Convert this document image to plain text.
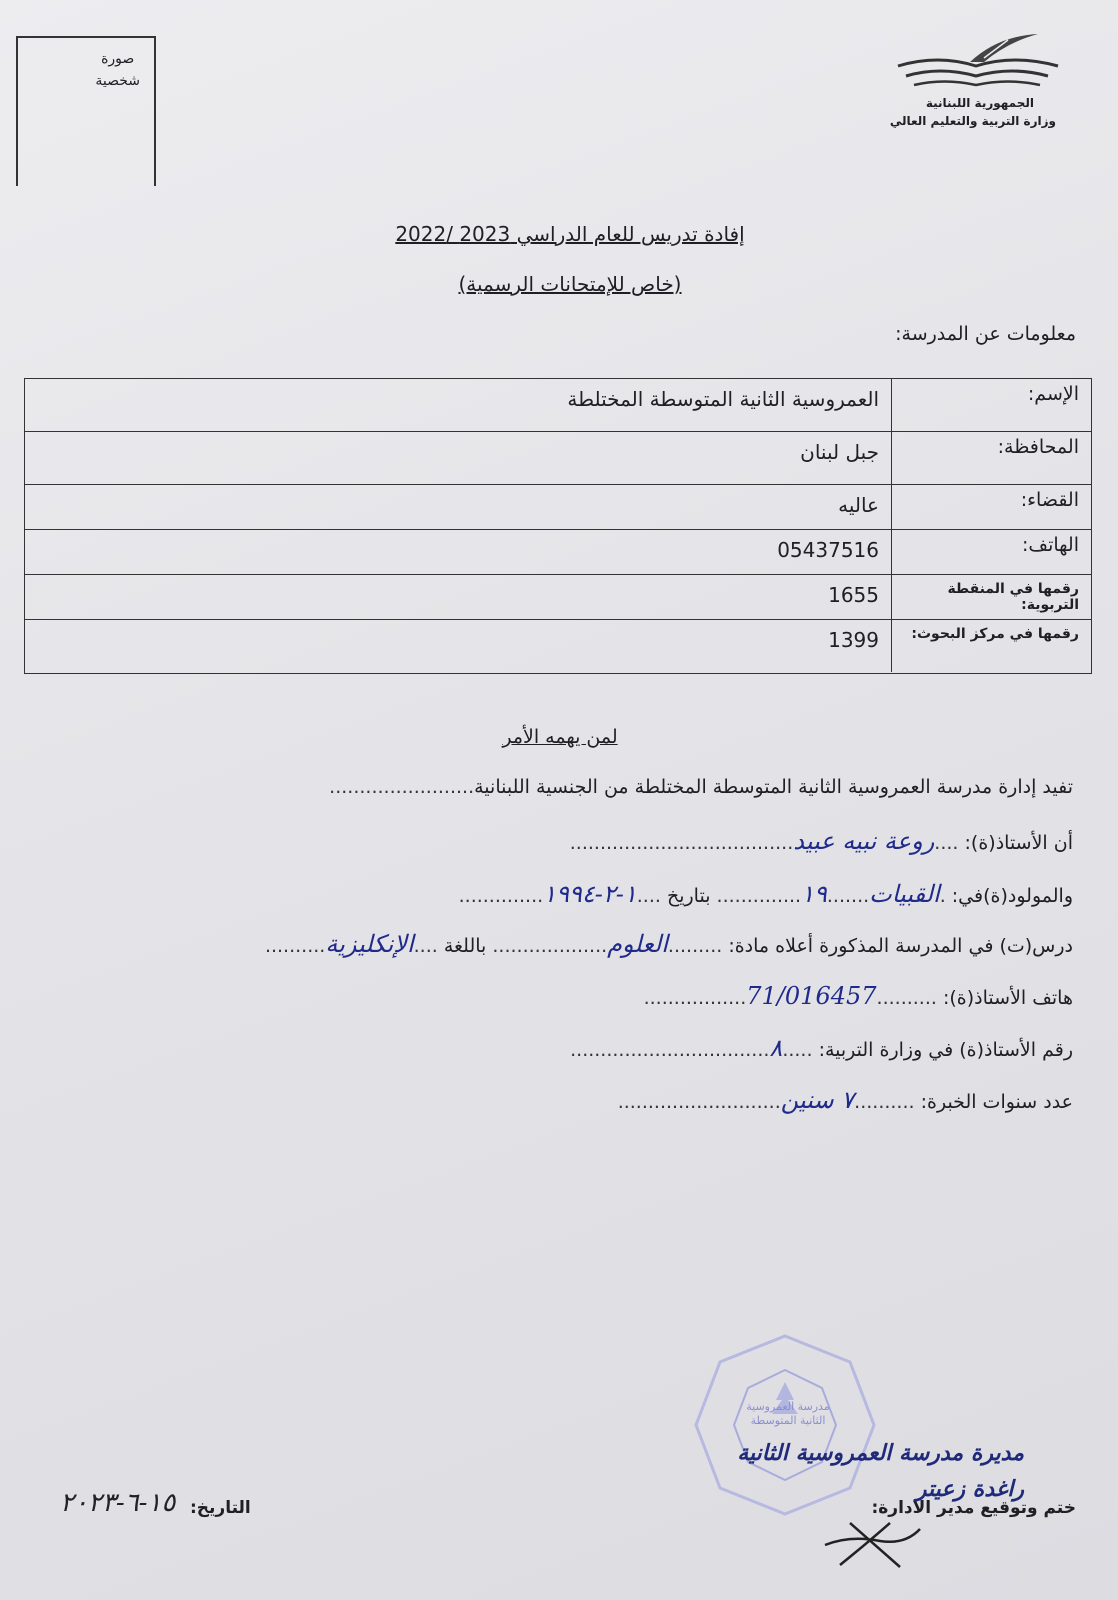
صورة
شخصية
الجمهورية اللبنانية
وزارة التربية والتعليم العالي
إفادة تدريس للعام الدراسي 2023 /2022
(خاص للإمتحانات الرسمية)
معلومات عن المدرسة:
الإسم:
العمروسية الثانية المتوسطة المختلطة
المحافظة:
جبل لبنان
القضاء:
عاليه
الهاتف:
05437516
رقمها في المنقطة التربوية:
1655
رقمها في مركز البحوث:
1399
لمن يهمه الأمر
تفيد إدارة مدرسة العمروسية الثانية المتوسطة المختلطة من الجنسية اللبنانية........................
أن الأستاذ(ة): ....روعة نبيه عبيد.....................................
والمولود(ة)في: .القبيات.......١٩.............. بتاريخ ....١-٢-١٩٩٤..............
درس(ت) في المدرسة المذكورة أعلاه مادة: .........العلوم................... باللغة ....الإنكليزية..........
هاتف الأستاذ(ة): ..........71/016457.................
رقم الأستاذ(ة) في وزارة التربية: .....٨.................................
عدد سنوات الخبرة: ..........٧ سنين...........................
ختم وتوقيع مدير الادارة:
التاريخ:
١٥-٦-٢٠٢٣
مدرسة العمروسية الثانية المتوسطة
مديرة مدرسة العمروسية الثانية
راغدة زعيتر
